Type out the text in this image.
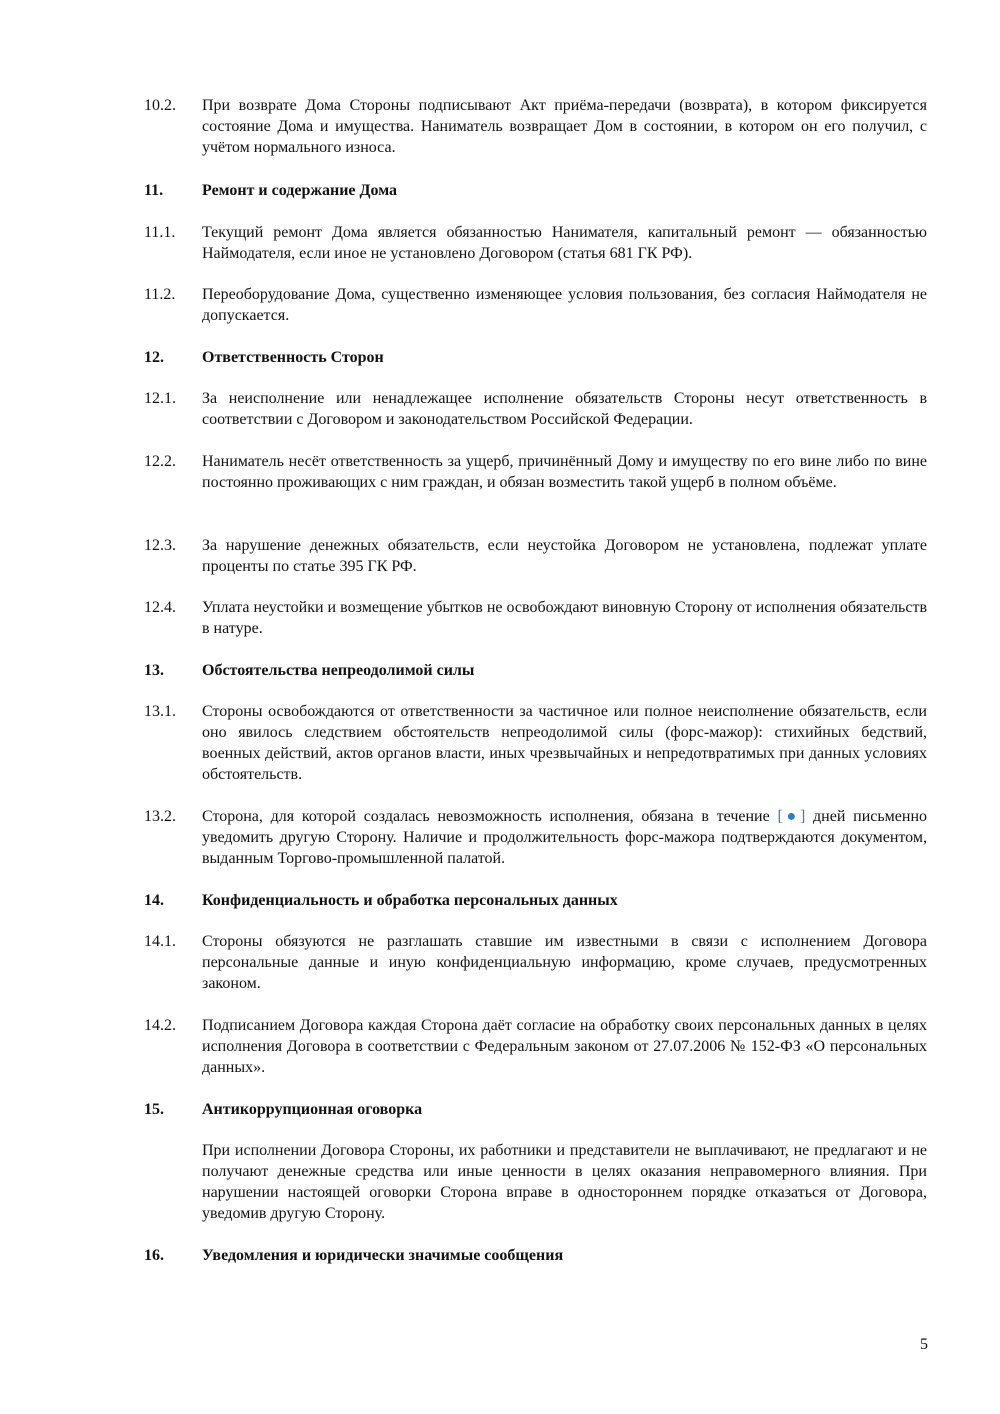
10.2.	При возврате Дома Стороны подписывают Акт приёма-передачи (возврата), в котором фиксируется состояние Дома и имущества. Наниматель возвращает Дом в состоянии, в котором он его получил, с учётом нормального износа.
11.	Ремонт и содержание Дома
11.1.	Текущий ремонт Дома является обязанностью Нанимателя, капитальный ремонт — обязанностью Наймодателя, если иное не установлено Договором (статья 681 ГК РФ).
11.2.	Переоборудование Дома, существенно изменяющее условия пользования, без согласия Наймодателя не допускается.
12.	Ответственность Сторон
12.1.	За неисполнение или ненадлежащее исполнение обязательств Стороны несут ответственность в соответствии с Договором и законодательством Российской Федерации.
12.2.	Наниматель несёт ответственность за ущерб, причинённый Дому и имуществу по его вине либо по вине постоянно проживающих с ним граждан, и обязан возместить такой ущерб в полном объёме.
12.3.	За нарушение денежных обязательств, если неустойка Договором не установлена, подлежат уплате проценты по статье 395 ГК РФ.
12.4.	Уплата неустойки и возмещение убытков не освобождают виновную Сторону от исполнения обязательств в натуре.
13.	Обстоятельства непреодолимой силы
13.1.	Стороны освобождаются от ответственности за частичное или полное неисполнение обязательств, если оно явилось следствием обстоятельств непреодолимой силы (форс-мажор): стихийных бедствий, военных действий, актов органов власти, иных чрезвычайных и непредотвратимых при данных условиях обстоятельств.
13.2.	Сторона, для которой создалась невозможность исполнения, обязана в течение [●] дней письменно уведомить другую Сторону. Наличие и продолжительность форс-мажора подтверждаются документом, выданным Торгово-промышленной палатой.
14.	Конфиденциальность и обработка персональных данных
14.1.	Стороны обязуются не разглашать ставшие им известными в связи с исполнением Договора персональные данные и иную конфиденциальную информацию, кроме случаев, предусмотренных законом.
14.2.	Подписанием Договора каждая Сторона даёт согласие на обработку своих персональных данных в целях исполнения Договора в соответствии с Федеральным законом от 27.07.2006 № 152-ФЗ «О персональных данных».
15.	Антикоррупционная оговорка
При исполнении Договора Стороны, их работники и представители не выплачивают, не предлагают и не получают денежные средства или иные ценности в целях оказания неправомерного влияния. При нарушении настоящей оговорки Сторона вправе в одностороннем порядке отказаться от Договора, уведомив другую Сторону.
16.	Уведомления и юридически значимые сообщения
5
